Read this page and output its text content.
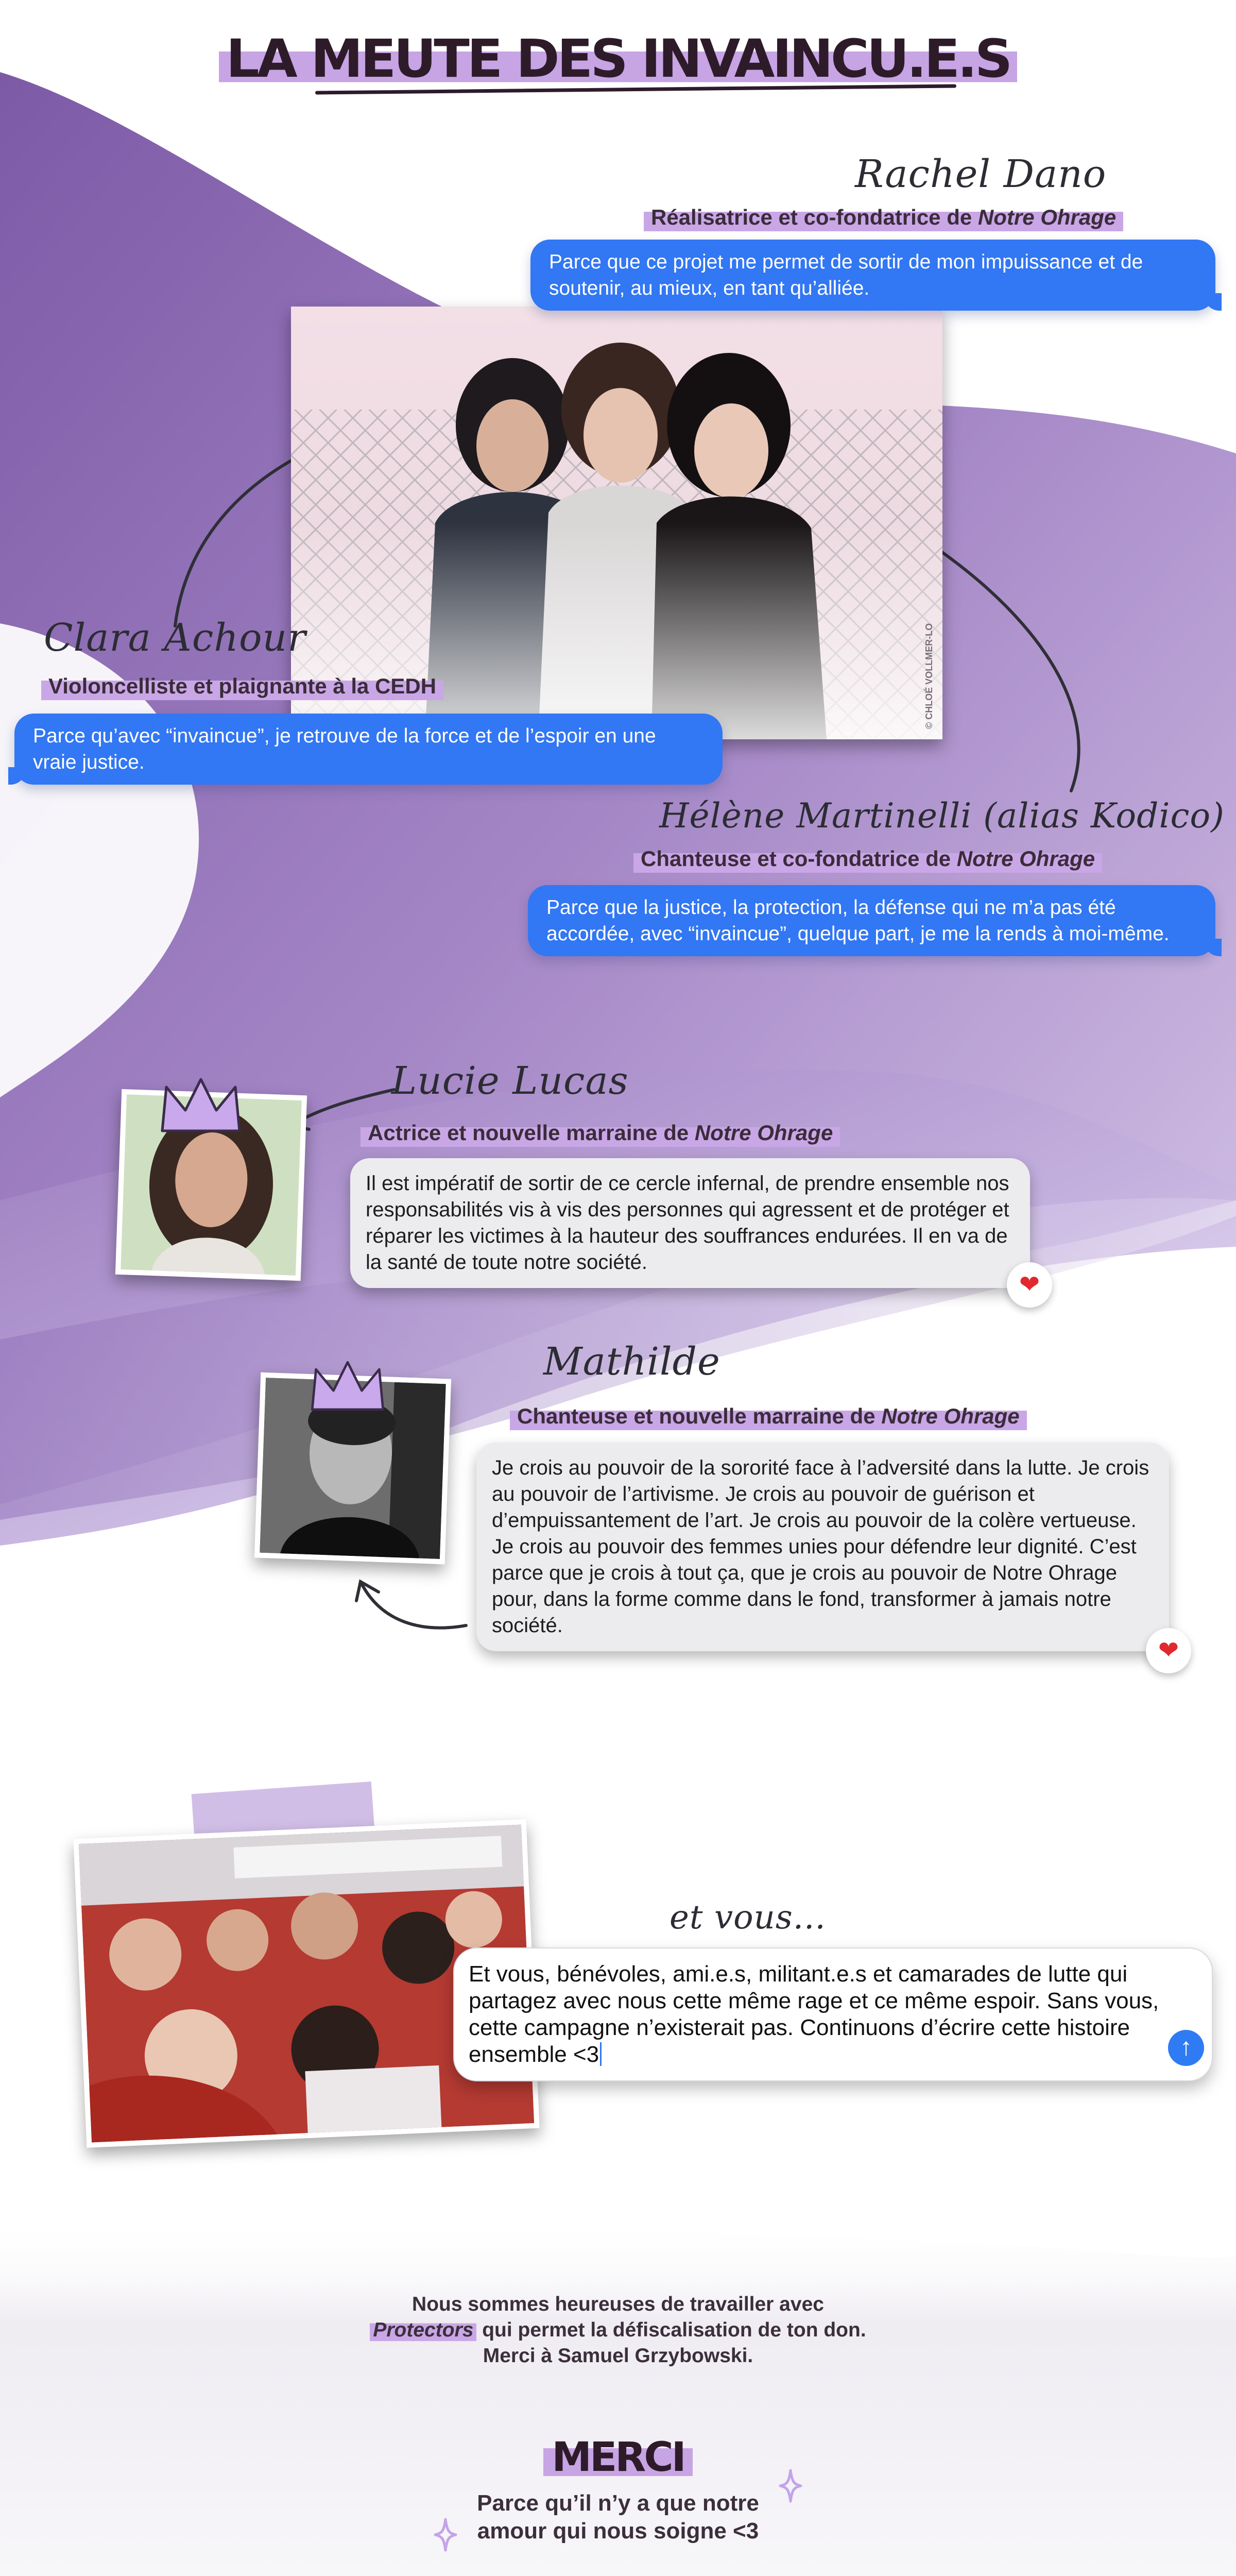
LA MEUTE DES INVAINCU.E.S
© CHLOÉ VOLLMER-LO
Rachel Dano
Réalisatrice et co-fondatrice de Notre Ohrage
Parce que ce projet me permet de sortir de mon impuissance et de soutenir, au mieux, en tant qu’alliée.
Clara Achour
Violoncelliste et plaignante à la CEDH
Parce qu’avec “invaincue”, je retrouve de la force et de l’espoir en une vraie justice.
Hélène Martinelli (alias Kodico)
Chanteuse et co-fondatrice de Notre Ohrage
Parce que la justice, la protection, la défense qui ne m’a pas été accordée, avec “invaincue”, quelque part, je me la rends à moi-même.
Lucie Lucas
Actrice et nouvelle marraine de Notre Ohrage
Il est impératif de sortir de ce cercle infernal, de prendre ensemble nos responsabilités vis à vis des personnes qui agressent et de protéger et réparer les victimes à la hauteur des souffrances endurées. Il en va de la santé de toute notre société.
❤
Mathilde
Chanteuse et nouvelle marraine de Notre Ohrage
Je crois au pouvoir de la sororité face à l’adversité dans la lutte. Je crois au pouvoir de l’artivisme. Je crois au pouvoir de guérison et d’empuissantement de l’art. Je crois au pouvoir de la colère vertueuse. Je crois au pouvoir des femmes unies pour défendre leur dignité. C’est parce que je crois à tout ça, que je crois au pouvoir de Notre Ohrage pour, dans la forme comme dans le fond, transformer à jamais notre société.
❤
et vous...
Et vous, bénévoles, ami.e.s, militant.e.s et camarades de lutte qui partagez avec nous cette même rage et ce même espoir. Sans vous, cette campagne n’existerait pas. Continuons d’écrire cette histoire ensemble <3	↑
Nous sommes heureuses de travailler avec
Protectors qui permet la défiscalisation de ton don.
Merci à Samuel Grzybowski.
MERCI
Parce qu’il n’y a que notre
amour qui nous soigne <3
